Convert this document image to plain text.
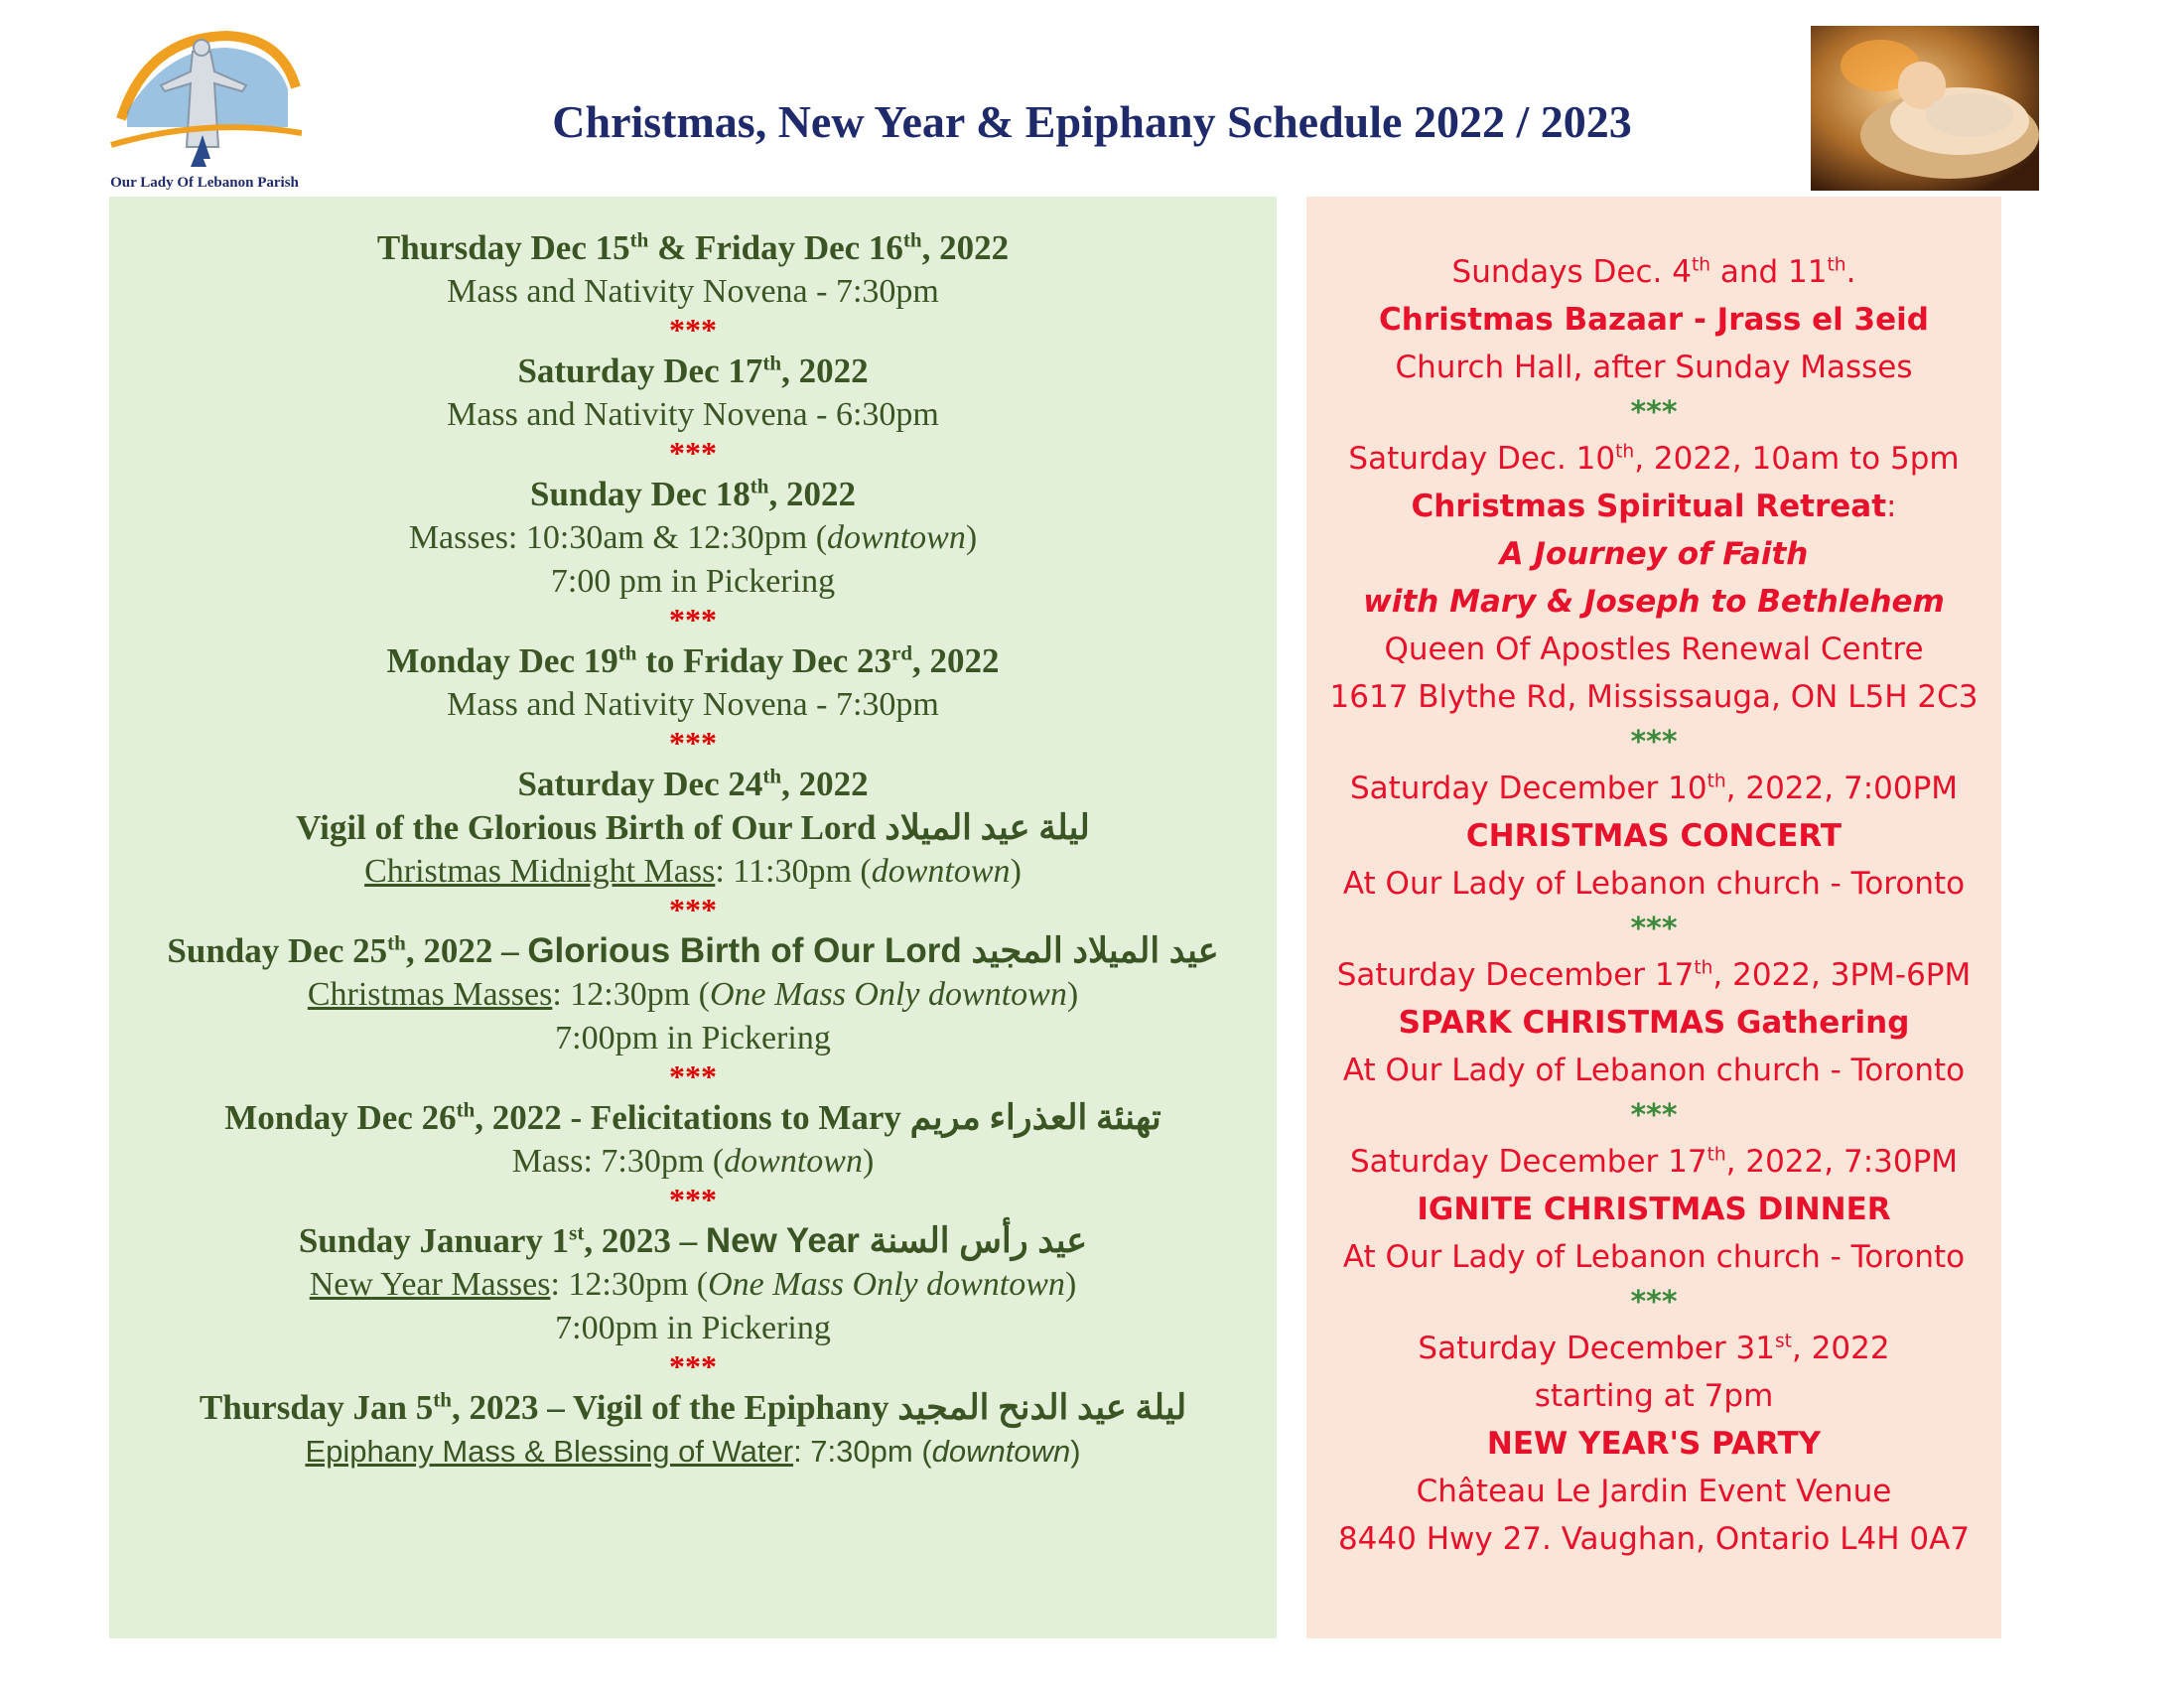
Our Lady Of Lebanon Parish
Christmas, New Year & Epiphany Schedule 2022 / 2023
Thursday Dec 15th & Friday Dec 16th, 2022
Mass and Nativity Novena - 7:30pm
***
Saturday Dec 17th, 2022
Mass and Nativity Novena - 6:30pm
***
Sunday Dec 18th, 2022
Masses: 10:30am & 12:30pm (downtown)
7:00 pm in Pickering
***
Monday Dec 19th to Friday Dec 23rd, 2022
Mass and Nativity Novena - 7:30pm
***
Saturday Dec 24th, 2022
Vigil of the Glorious Birth of Our Lord ليلة عيد الميلاد
Christmas Midnight Mass: 11:30pm (downtown)
***
Sunday Dec 25th, 2022 – Glorious Birth of Our Lord عيد الميلاد المجيد
Christmas Masses: 12:30pm (One Mass Only downtown)
7:00pm in Pickering
***
Monday Dec 26th, 2022 - Felicitations to Mary تهنئة العذراء مريم
Mass: 7:30pm (downtown)
***
Sunday January 1st, 2023 – New Year عيد رأس السنة
New Year Masses: 12:30pm (One Mass Only downtown)
7:00pm in Pickering
***
Thursday Jan 5th, 2023 – Vigil of the Epiphany ليلة عيد الدنح المجيد
Epiphany Mass & Blessing of Water: 7:30pm (downtown)
Sundays Dec. 4th and 11th.
Christmas Bazaar - Jrass el 3eid
Church Hall, after Sunday Masses
***
Saturday Dec. 10th, 2022, 10am to 5pm
Christmas Spiritual Retreat:
A Journey of Faith
with Mary & Joseph to Bethlehem
Queen Of Apostles Renewal Centre
1617 Blythe Rd, Mississauga, ON L5H 2C3
***
Saturday December 10th, 2022, 7:00PM
CHRISTMAS CONCERT
At Our Lady of Lebanon church - Toronto
***
Saturday December 17th, 2022, 3PM-6PM
SPARK CHRISTMAS Gathering
At Our Lady of Lebanon church - Toronto
***
Saturday December 17th, 2022, 7:30PM
IGNITE CHRISTMAS DINNER
At Our Lady of Lebanon church - Toronto
***
Saturday December 31st, 2022
starting at 7pm
NEW YEAR'S PARTY
Château Le Jardin Event Venue
8440 Hwy 27. Vaughan, Ontario L4H 0A7
